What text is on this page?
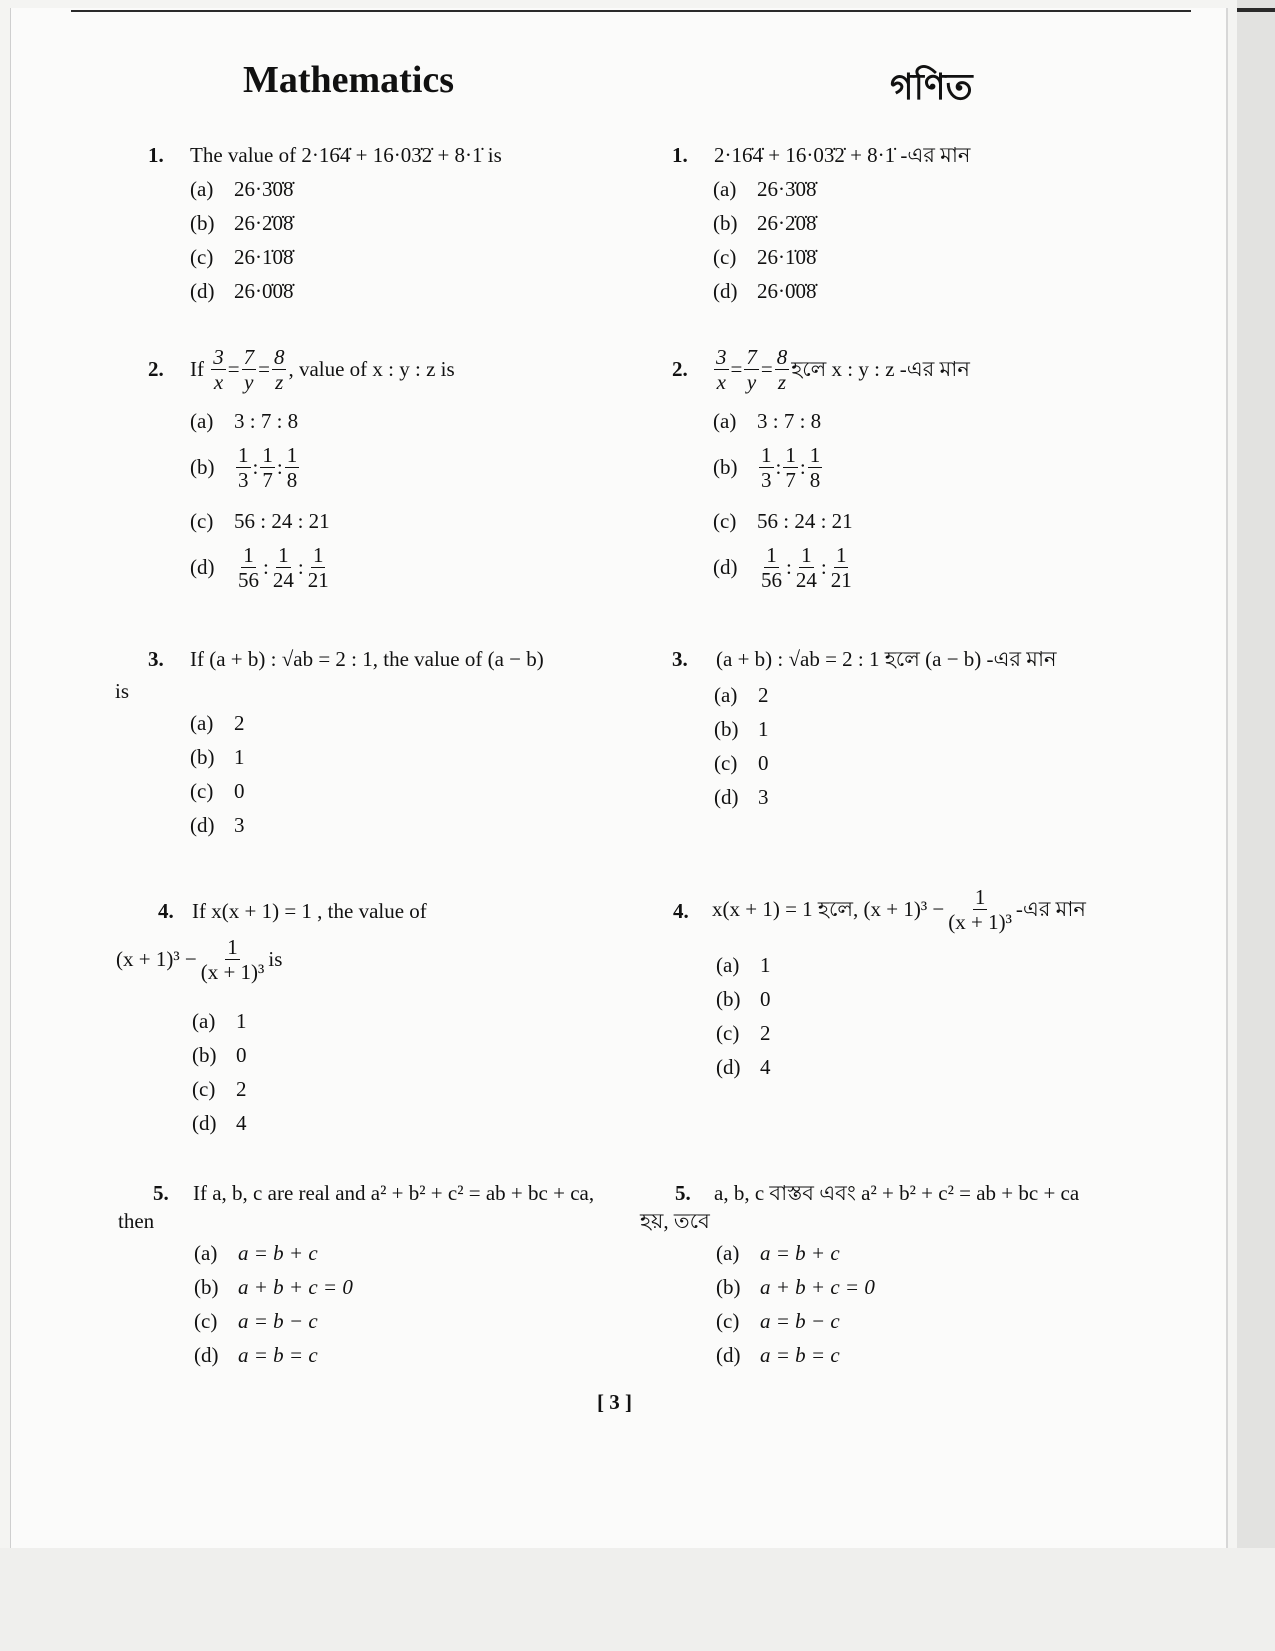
Mathematics	গণিত
1. The value of 2·16̇4̇ + 16·03̇2̇ + 8·1̇ is
(a) 26·3̇0̇8̇
(b) 26·2̇0̇8̇
(c) 26·1̇0̇8̇
(d) 26·0̇0̇8̇
2. If
$\frac{3}{x} = \frac{7}{y} = \frac{8}{z}$ , value of x : y : z is
(a) 3 : 7 : 8
(b)	$\frac{1}{3}$ : $\frac{1}{7}$ : $\frac{1}{8}$
(c) 56 : 24 : 21
(d)	$\frac{1}{56}$ : $\frac{1}{24}$ : $\frac{1}{21}$
3. If (a + b) : √ab = 2 : 1, the value of (a − b)
is
(a) 2
(b) 1
(c) 0
(d) 3
4. If x(x + 1) = 1 , the value of
$(x + 1)^3 - \frac{1}{\text{(x + 1)³}}$ is
(a) 1
(b) 0
(c) 2
(d) 4
5. If a, b, c are real and a² + b² + c² = ab + bc + ca,
then
(a) a = b + c
(b) a + b + c = 0
(c) a = b − c
(d) a = b = c
1. 2·16̇4̇ + 16·03̇2̇ + 8·1̇ -এর মান
(a) 26·3̇0̇8̇
(b) 26·2̇0̇8̇
(c) 26·1̇0̇8̇
(d) 26·0̇0̇8̇
2. $\frac{3}{x} = \frac{7}{y} = \frac{8}{z}$ হলে x : y : z -এর মান
(a) 3 : 7 : 8
(b)	$\frac{1}{3}$ : $\frac{1}{7}$ : $\frac{1}{8}$
(c) 56 : 24 : 21
(d)	$\frac{1}{56}$ : $\frac{1}{24}$ : $\frac{1}{21}$
3. (a + b) : √ab = 2 : 1 হলে (a − b) -এর মান
(a) 2
(b) 1
(c) 0
(d) 3
4. x(x + 1) = 1 হলে, $(x + 1)^3 - \frac{1}{\text{(x + 1)³}}$ -এর মান
(a) 1
(b) 0
(c) 2
(d) 4
5. a, b, c বাস্তব এবং a² + b² + c² = ab + bc + ca
হয়, তবে
(a) a = b + c
(b) a + b + c = 0
(c) a = b − c
(d) a = b = c
[ 3 ]
